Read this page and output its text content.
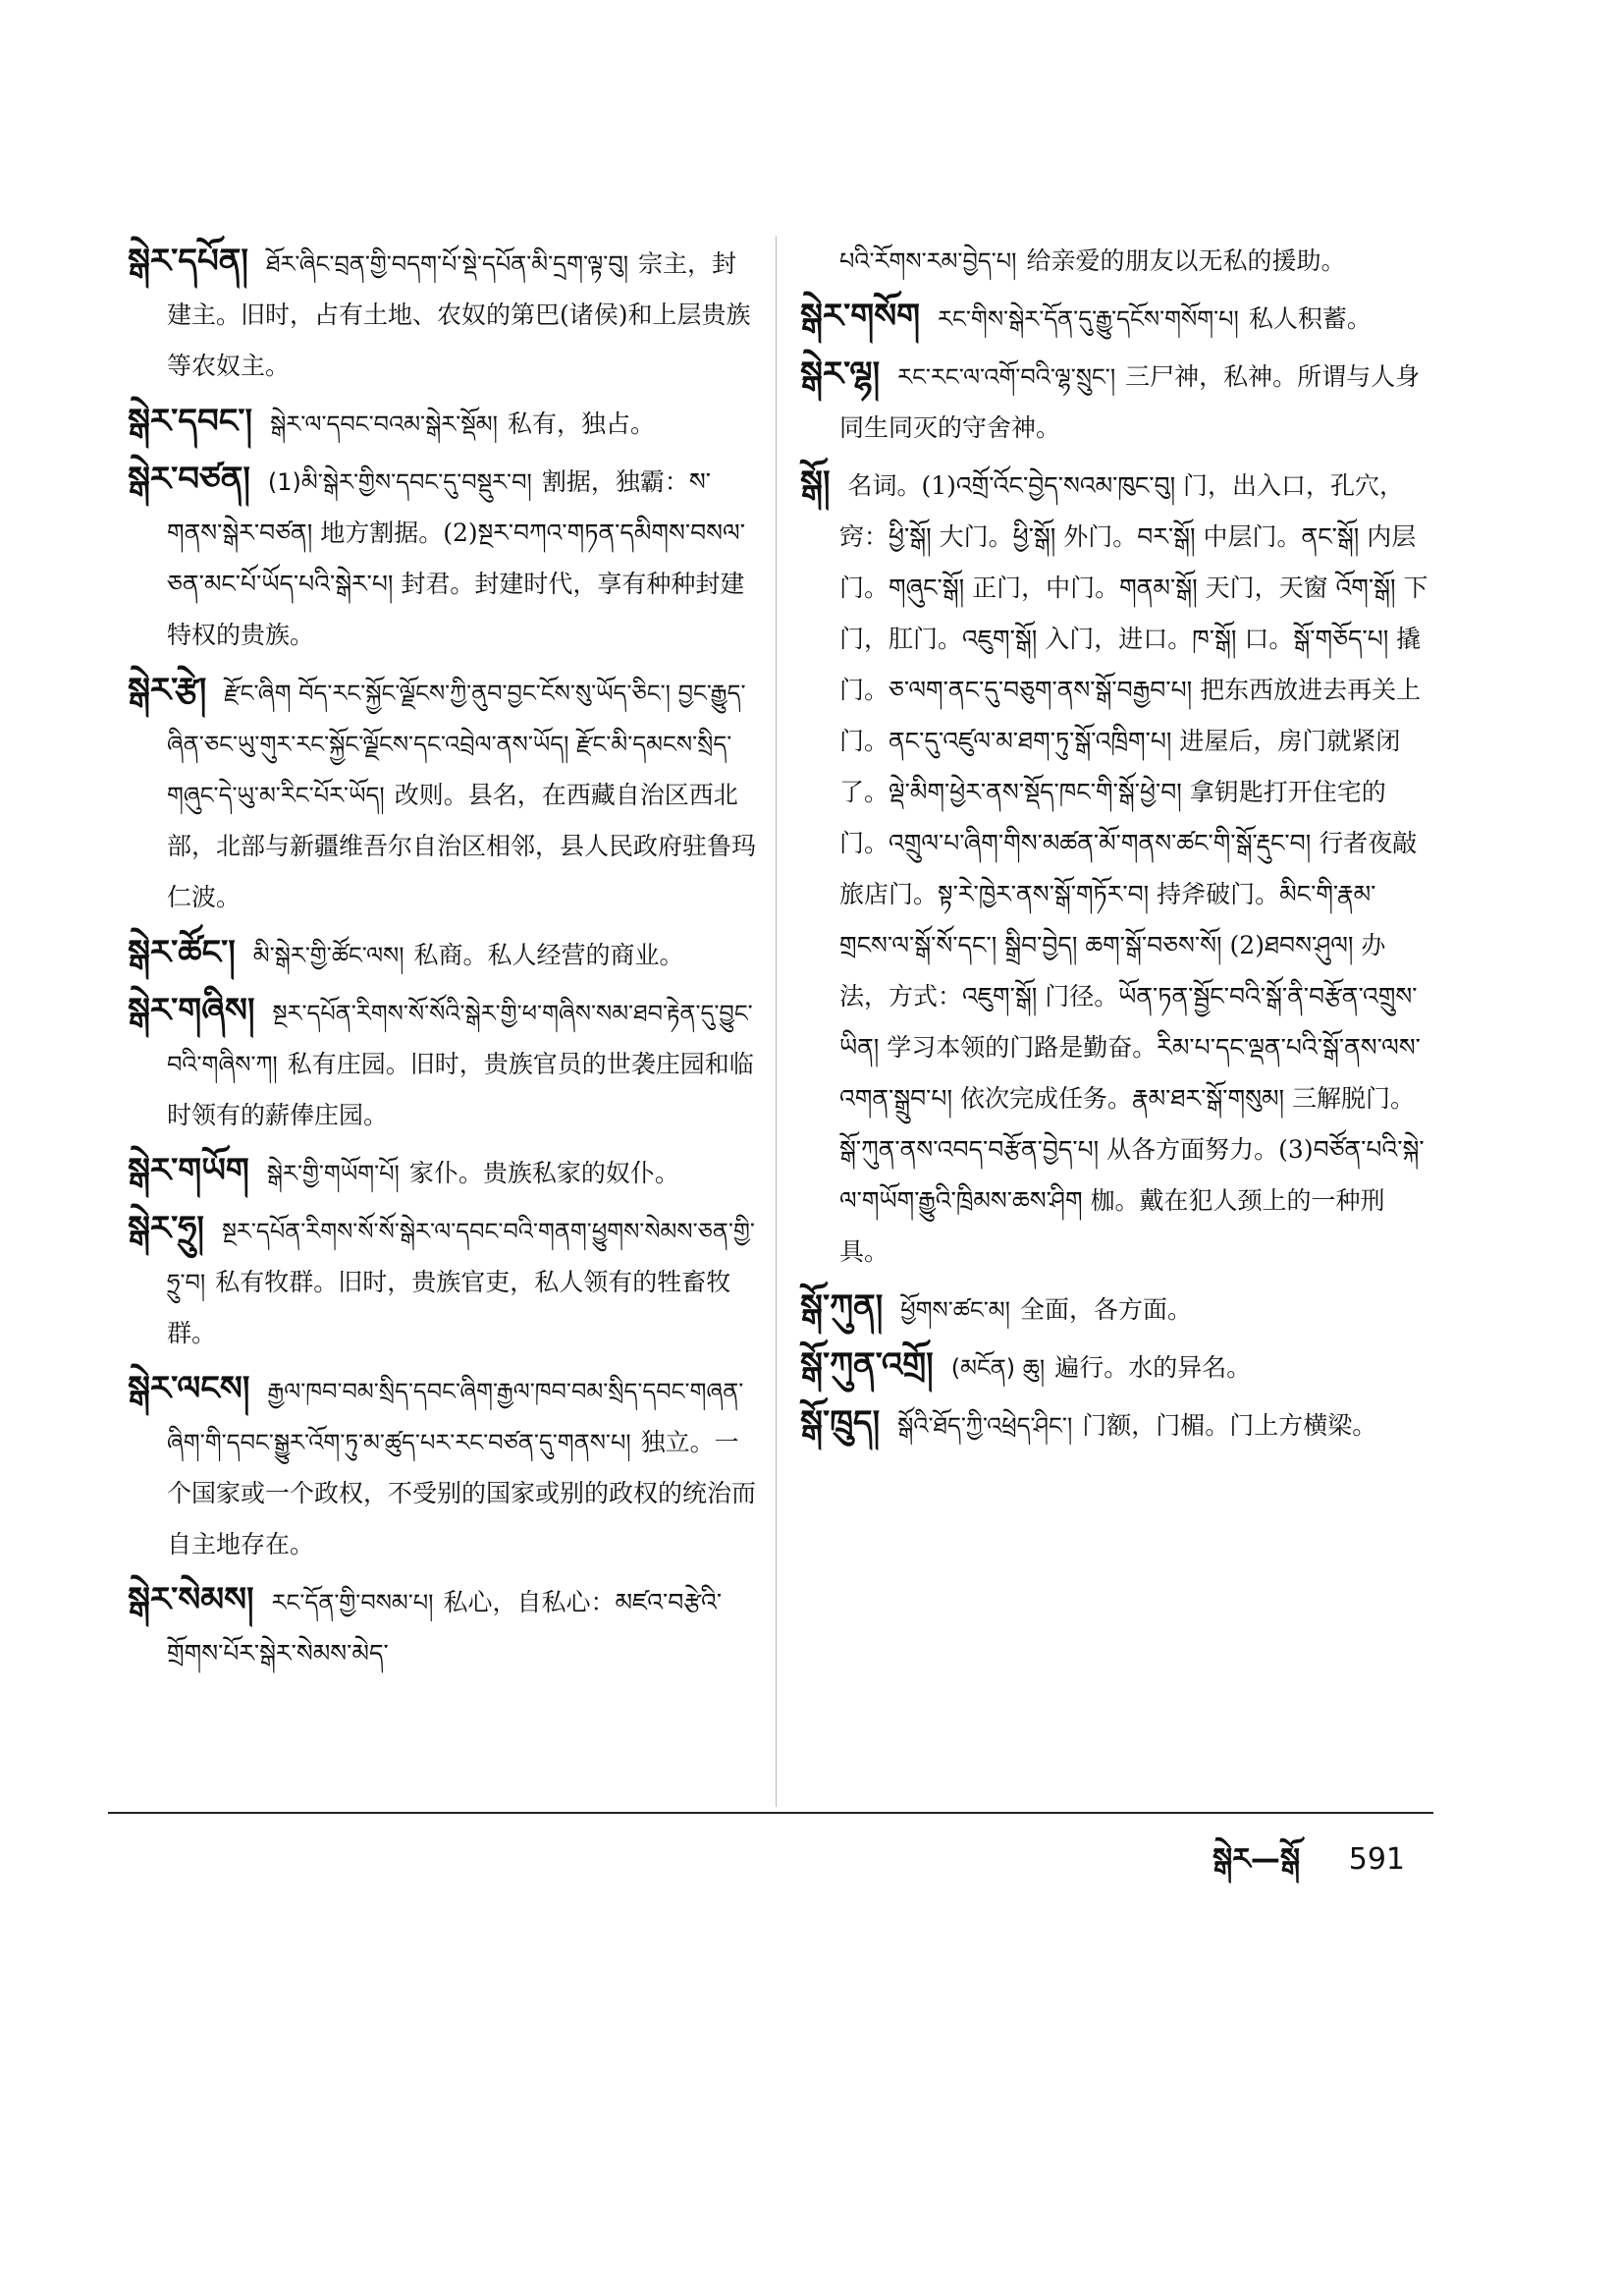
སྒེར་དཔོན། ཐོར་ཞིང་བྲན་གྱི་བདག་པོ་སྡེ་དཔོན་མི་དྲག་ལྟ་བུ། 宗主，封建主。旧时，占有土地、农奴的第巴(诸侯)和上层贵族等农奴主。
སྒེར་དབང་། སྒེར་ལ་དབང་བའམ་སྒེར་སྡོམ། 私有，独占。
སྒེར་བཙན། (1)མི་སྒེར་གྱིས་དབང་དུ་བསྡུར་བ། 割据，独霸：ས་གནས་སྒེར་བཙན། 地方割据。(2)སྔར་བཀའ་གཏན་དམིགས་བསལ་ཅན་མང་པོ་ཡོད་པའི་སྒེར་པ། 封君。封建时代，享有种种封建特权的贵族。
སྒེར་རྩེ། རྫོང་ཞིག བོད་རང་སྐྱོང་ལྗོངས་ཀྱི་ནུབ་བྱང་ངོས་སུ་ཡོད་ཅིང་། བྱང་རྒྱུད་ཞིན་ཅང་ཡུ་གུར་རང་སྐྱོང་ལྗོངས་དང་འབྲེལ་ནས་ཡོད། རྫོང་མི་དམངས་སྲིད་གཞུང་དེ་ཡུ་མ་རིང་པོར་ཡོད། 改则。县名，在西藏自治区西北部，北部与新疆维吾尔自治区相邻，县人民政府驻鲁玛仁波。
སྒེར་ཚོང་། མི་སྒེར་གྱི་ཚོང་ལས། 私商。私人经营的商业。
སྒེར་གཞིས། སྔར་དཔོན་རིགས་སོ་སོའི་སྒེར་གྱི་ཕ་གཞིས་སམ་ཐབ་རྟེན་དུ་བྱུང་བའི་གཞིས་ཀ། 私有庄园。旧时，贵族官员的世袭庄园和临时领有的薪俸庄园。
སྒེར་གཡོག སྒེར་གྱི་གཡོག་པོ། 家仆。贵族私家的奴仆。
སྒེར་ཧྲུ། སྔར་དཔོན་རིགས་སོ་སོ་སྒེར་ལ་དབང་བའི་གནག་ཕྱུགས་སེམས་ཅན་གྱི་ཧྲུ་བ། 私有牧群。旧时，贵族官吏，私人领有的牲畜牧群。
སྒེར་ལངས། རྒྱལ་ཁབ་བམ་སྲིད་དབང་ཞིག་རྒྱལ་ཁབ་བམ་སྲིད་དབང་གཞན་ཞིག་གི་དབང་སྒྱུར་འོག་ཏུ་མ་ཚུད་པར་རང་བཙན་དུ་གནས་པ། 独立。一个国家或一个政权，不受别的国家或别的政权的统治而自主地存在。
སྒེར་སེམས། རང་དོན་གྱི་བསམ་པ། 私心，自私心：མཛའ་བརྩེའི་གྲོགས་པོར་སྒེར་སེམས་མེད་
པའི་རོགས་རམ་བྱེད་པ། 给亲爱的朋友以无私的援助。
སྒེར་གསོག རང་གིས་སྒེར་དོན་དུ་རྒྱུ་དངོས་གསོག་པ། 私人积蓄。
སྒེར་ལྷ། རང་རང་ལ་འགོ་བའི་ལྷ་སྲུང་། 三尸神，私神。所谓与人身同生同灭的守舍神。
སྒོ། 名词。(1)འགྲོ་འོང་བྱེད་སའམ་ཁུང་བུ། 门，出入口，孔穴，窍：ཕྱི་སྒོ། 大门。ཕྱི་སྒོ། 外门。བར་སྒོ། 中层门。ནང་སྒོ། 内层门。གཞུང་སྒོ། 正门，中门。གནམ་སྒོ། 天门，天窗 འོག་སྒོ། 下门，肛门。འཇུག་སྒོ། 入门，进口。ཁ་སྒོ། 口。སྒོ་གཅོད་པ། 撬门。ཅ་ལག་ནང་དུ་བཅུག་ནས་སྒོ་བརྒྱབ་པ། 把东西放进去再关上门。ནང་དུ་འཛུལ་མ་ཐག་ཏུ་སྒོ་འཁྲིག་པ། 进屋后，房门就紧闭了。ལྡེ་མིག་ཕྱེར་ནས་སྡོད་ཁང་གི་སྒོ་ཕྱེ་བ། 拿钥匙打开住宅的门。འགྲུལ་པ་ཞིག་གིས་མཚན་མོ་གནས་ཚང་གི་སྒོ་རྡུང་བ། 行者夜敲旅店门。སྟ་རེ་ཁྱེར་ནས་སྒོ་གཏོར་བ། 持斧破门。མིང་གི་རྣམ་གྲངས་ལ་སྒོ་སོ་དང་། སྒྲིབ་བྱེད། ཆག་སྒོ་བཅས་སོ། (2)ཐབས་ཤུལ། 办法，方式：འཇུག་སྒོ། 门径。ཡོན་ཏན་སྦྱོང་བའི་སྒོ་ནི་བརྩོན་འགྲུས་ཡིན། 学习本领的门路是勤奋。རིམ་པ་དང་ལྡན་པའི་སྒོ་ནས་ལས་འགན་སྒྲུབ་པ། 依次完成任务。རྣམ་ཐར་སྒོ་གསུམ། 三解脱门。སྒོ་ཀུན་ནས་འབད་བརྩོན་བྱེད་པ། 从各方面努力。(3)བཙོན་པའི་སྐེ་ལ་གཡོག་རྒྱུའི་ཁྲིམས་ཆས་ཤིག 枷。戴在犯人颈上的一种刑具。
སྒོ་ཀུན། ཕྱོགས་ཚང་མ། 全面，各方面。
སྒོ་ཀུན་འགྲོ། (མངོན) ཆུ། 遍行。水的异名。
སྒོ་ཁྲུད། སྒོའི་ཐོད་ཀྱི་འཕྲེད་ཤིང་། 门额，门楣。门上方横梁。
སྒེར—སྒོ 591
